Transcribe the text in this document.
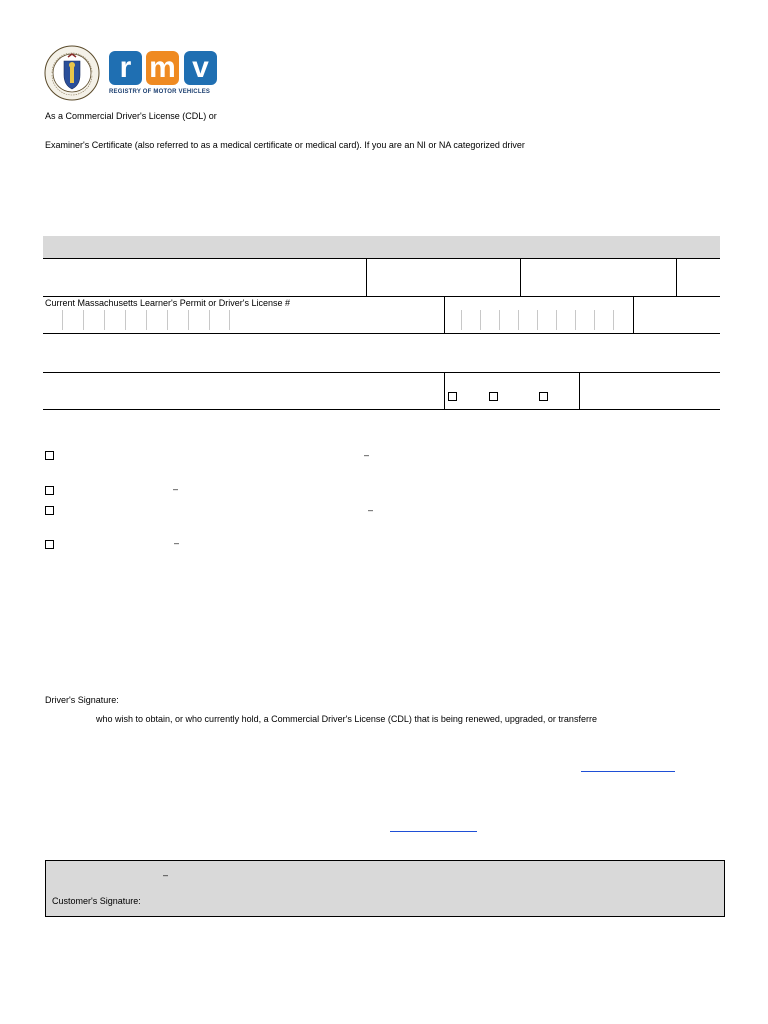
r m v
REGISTRY OF MOTOR VEHICLES
As a Commercial Driver's License (CDL) or
Examiner's Certificate (also referred to as a medical certificate or medical card). If you are an NI or NA categorized driver
Current Massachusetts Learner's Permit or Driver's License #
–
–
–
–
Driver's Signature:
who wish to obtain, or who currently hold, a Commercial Driver's License (CDL) that is being renewed, upgraded, or transferre
–
Customer's Signature:
